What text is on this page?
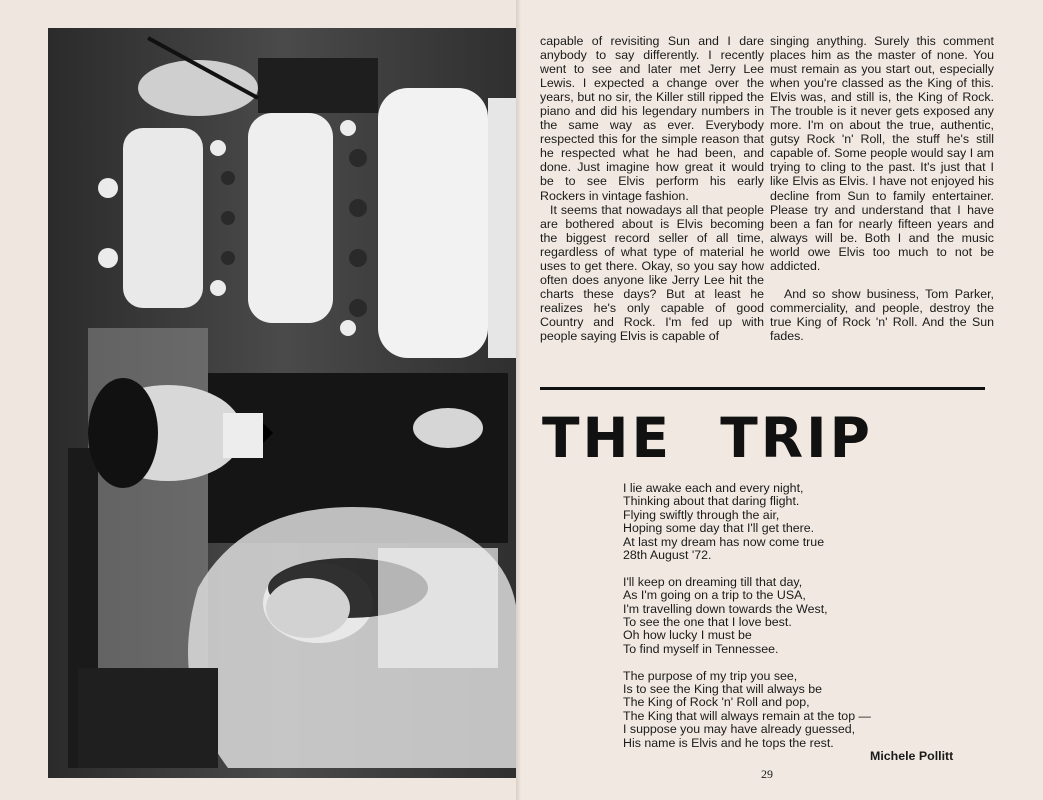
capable of revisiting Sun and I dare anybody to say differently. I recently went to see and later met Jerry Lee Lewis. I expected a change over the years, but no sir, the Killer still ripped the piano and did his legendary numbers in the same way as ever. Everybody respected this for the simple reason that he respected what he had been, and done. Just imagine how great it would be to see Elvis perform his early Rockers in vintage fashion.

It seems that nowadays all that people are bothered about is Elvis becoming the biggest record seller of all time, regardless of what type of material he uses to get there. Okay, so you say how often does anyone like Jerry Lee hit the charts these days? But at least he realizes he's only capable of good Country and Rock. I'm fed up with people saying Elvis is capable of

singing anything. Surely this comment places him as the master of none. You must remain as you start out, especially when you're classed as the King of this. Elvis was, and still is, the King of Rock. The trouble is it never gets exposed any more. I'm on about the true, authentic, gutsy Rock 'n' Roll, the stuff he's still capable of. Some people would say I am trying to cling to the past. It's just that I like Elvis as Elvis. I have not enjoyed his decline from Sun to family entertainer. Please try and understand that I have been a fan for nearly fifteen years and always will be. Both I and the music world owe Elvis too much to not be addicted.

And so show business, Tom Parker, commerciality, and people, destroy the true King of Rock 'n' Roll. And the Sun fades.

THE TRIP
I lie awake each and every night,
Thinking about that daring flight.
Flying swiftly through the air,
Hoping some day that I'll get there.
At last my dream has now come true
28th August '72.
I'll keep on dreaming till that day,
As I'm going on a trip to the USA,
I'm travelling down towards the West,
To see the one that I love best.
Oh how lucky I must be
To find myself in Tennessee.
The purpose of my trip you see,
Is to see the King that will always be
The King of Rock 'n' Roll and pop,
The King that will always remain at the top —
I suppose you may have already guessed,
His name is Elvis and he tops the rest.
Michele Pollitt
29
